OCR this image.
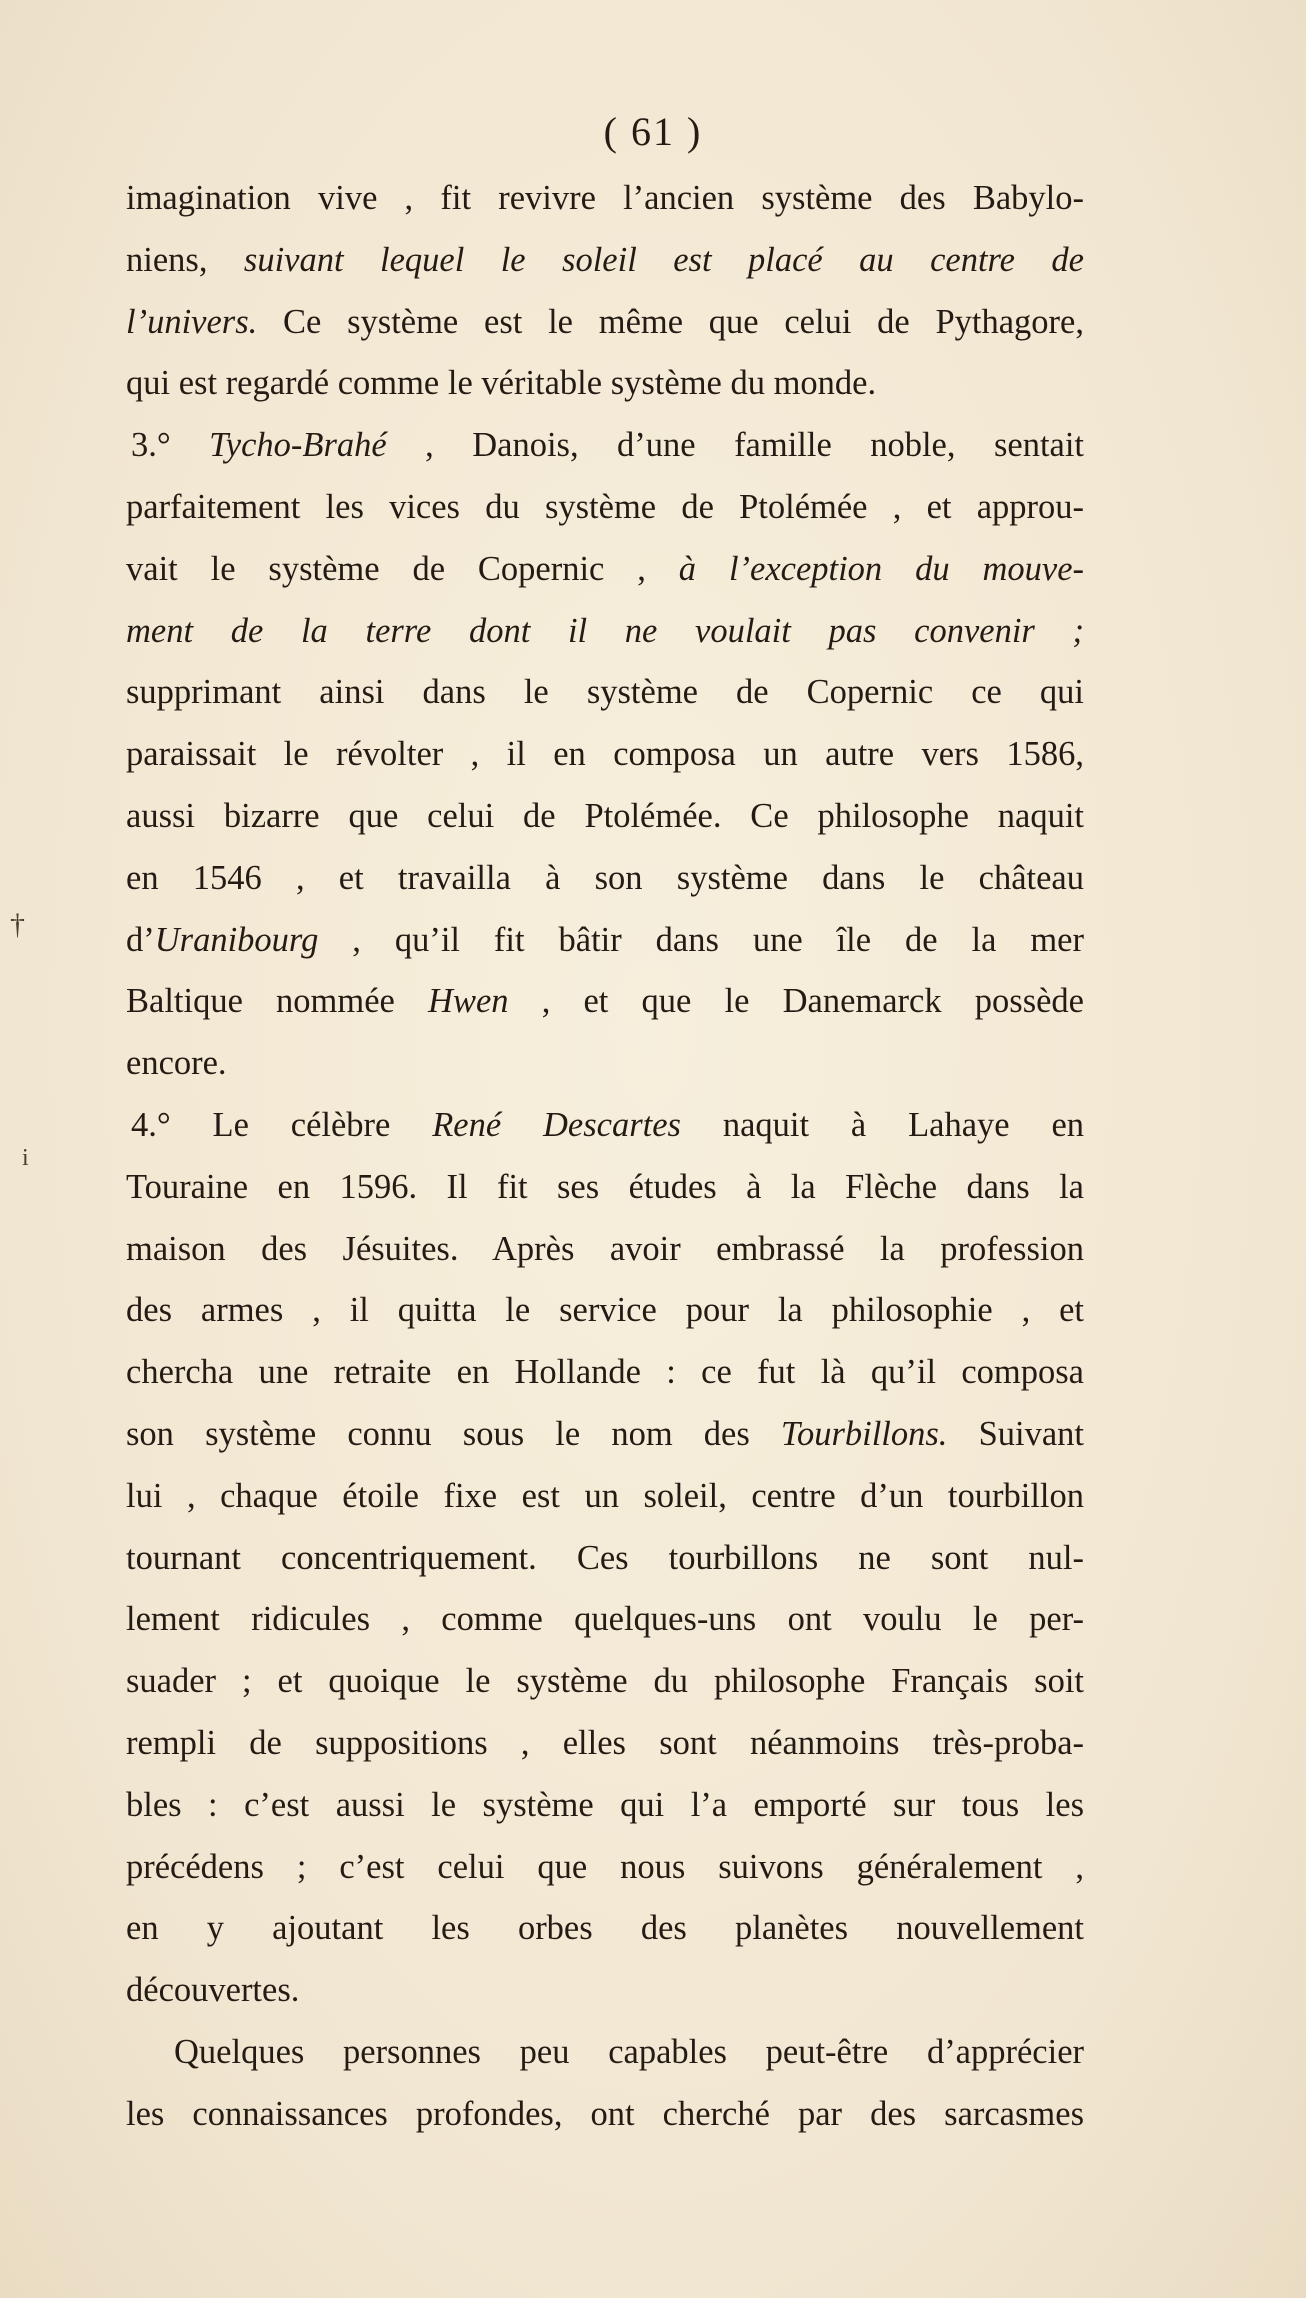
( 61 )
†
i
imagination vive , fit revivre l’ancien système des Babylo-
niens, suivant lequel le soleil est placé au centre de
l’univers. Ce système est le même que celui de Pythagore,
qui est regardé comme le véritable système du monde.
3.° Tycho-Brahé , Danois, d’une famille noble, sentait
parfaitement les vices du système de Ptolémée , et approu-
vait le système de Copernic , à l’exception du mouve-
ment de la terre dont il ne voulait pas convenir ;
supprimant ainsi dans le système de Copernic ce qui
paraissait le révolter , il en composa un autre vers 1586,
aussi bizarre que celui de Ptolémée. Ce philosophe naquit
en 1546 , et travailla à son système dans le château
d’Uranibourg , qu’il fit bâtir dans une île de la mer
Baltique nommée Hwen , et que le Danemarck possède
encore.
4.° Le célèbre René Descartes naquit à Lahaye en
Touraine en 1596. Il fit ses études à la Flèche dans la
maison des Jésuites. Après avoir embrassé la profession
des armes , il quitta le service pour la philosophie , et
chercha une retraite en Hollande : ce fut là qu’il composa
son système connu sous le nom des Tourbillons. Suivant
lui , chaque étoile fixe est un soleil, centre d’un tourbillon
tournant concentriquement. Ces tourbillons ne sont nul-
lement ridicules , comme quelques-uns ont voulu le per-
suader ; et quoique le système du philosophe Français soit
rempli de suppositions , elles sont néanmoins très-proba-
bles : c’est aussi le système qui l’a emporté sur tous les
précédens ; c’est celui que nous suivons généralement ,
en y ajoutant les orbes des planètes nouvellement
découvertes.
Quelques personnes peu capables peut-être d’apprécier
les connaissances profondes, ont cherché par des sarcasmes
